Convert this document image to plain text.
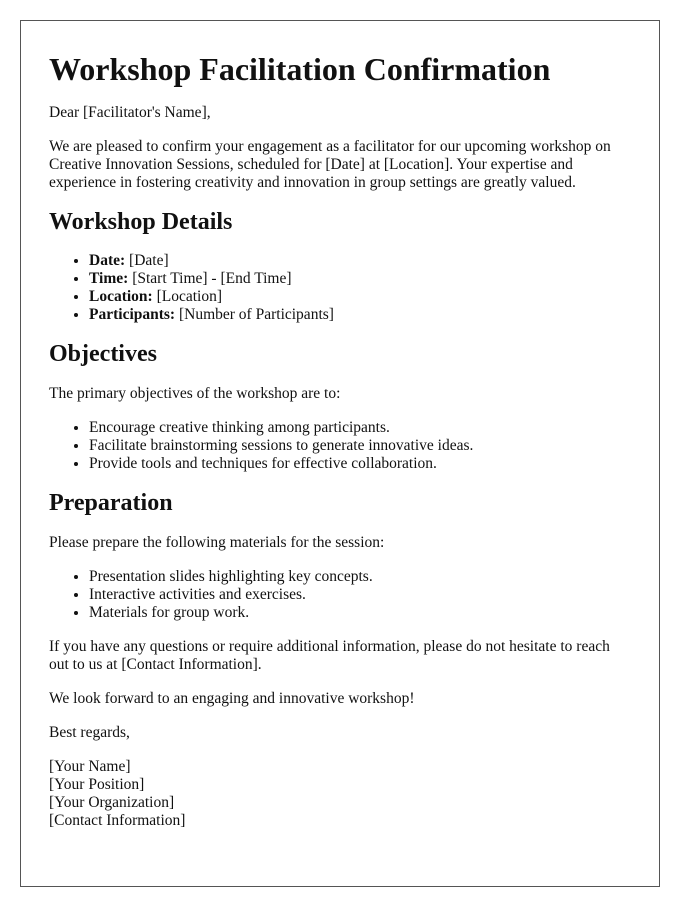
Workshop Facilitation Confirmation

Dear [Facilitator's Name],

We are pleased to confirm your engagement as a facilitator for our upcoming workshop on Creative Innovation Sessions, scheduled for [Date] at [Location]. Your expertise and experience in fostering creativity and innovation in group settings are greatly valued.

Workshop Details
• Date: [Date]
• Time: [Start Time] - [End Time]
• Location: [Location]
• Participants: [Number of Participants]
Objectives

The primary objectives of the workshop are to:

• Encourage creative thinking among participants.
• Facilitate brainstorming sessions to generate innovative ideas.
• Provide tools and techniques for effective collaboration.
Preparation

Please prepare the following materials for the session:

• Presentation slides highlighting key concepts.
• Interactive activities and exercises.
• Materials for group work.

If you have any questions or require additional information, please do not hesitate to reach out to us at [Contact Information].

We look forward to an engaging and innovative workshop!

Best regards,

[Your Name]

[Your Position]

[Your Organization]

[Contact Information]
